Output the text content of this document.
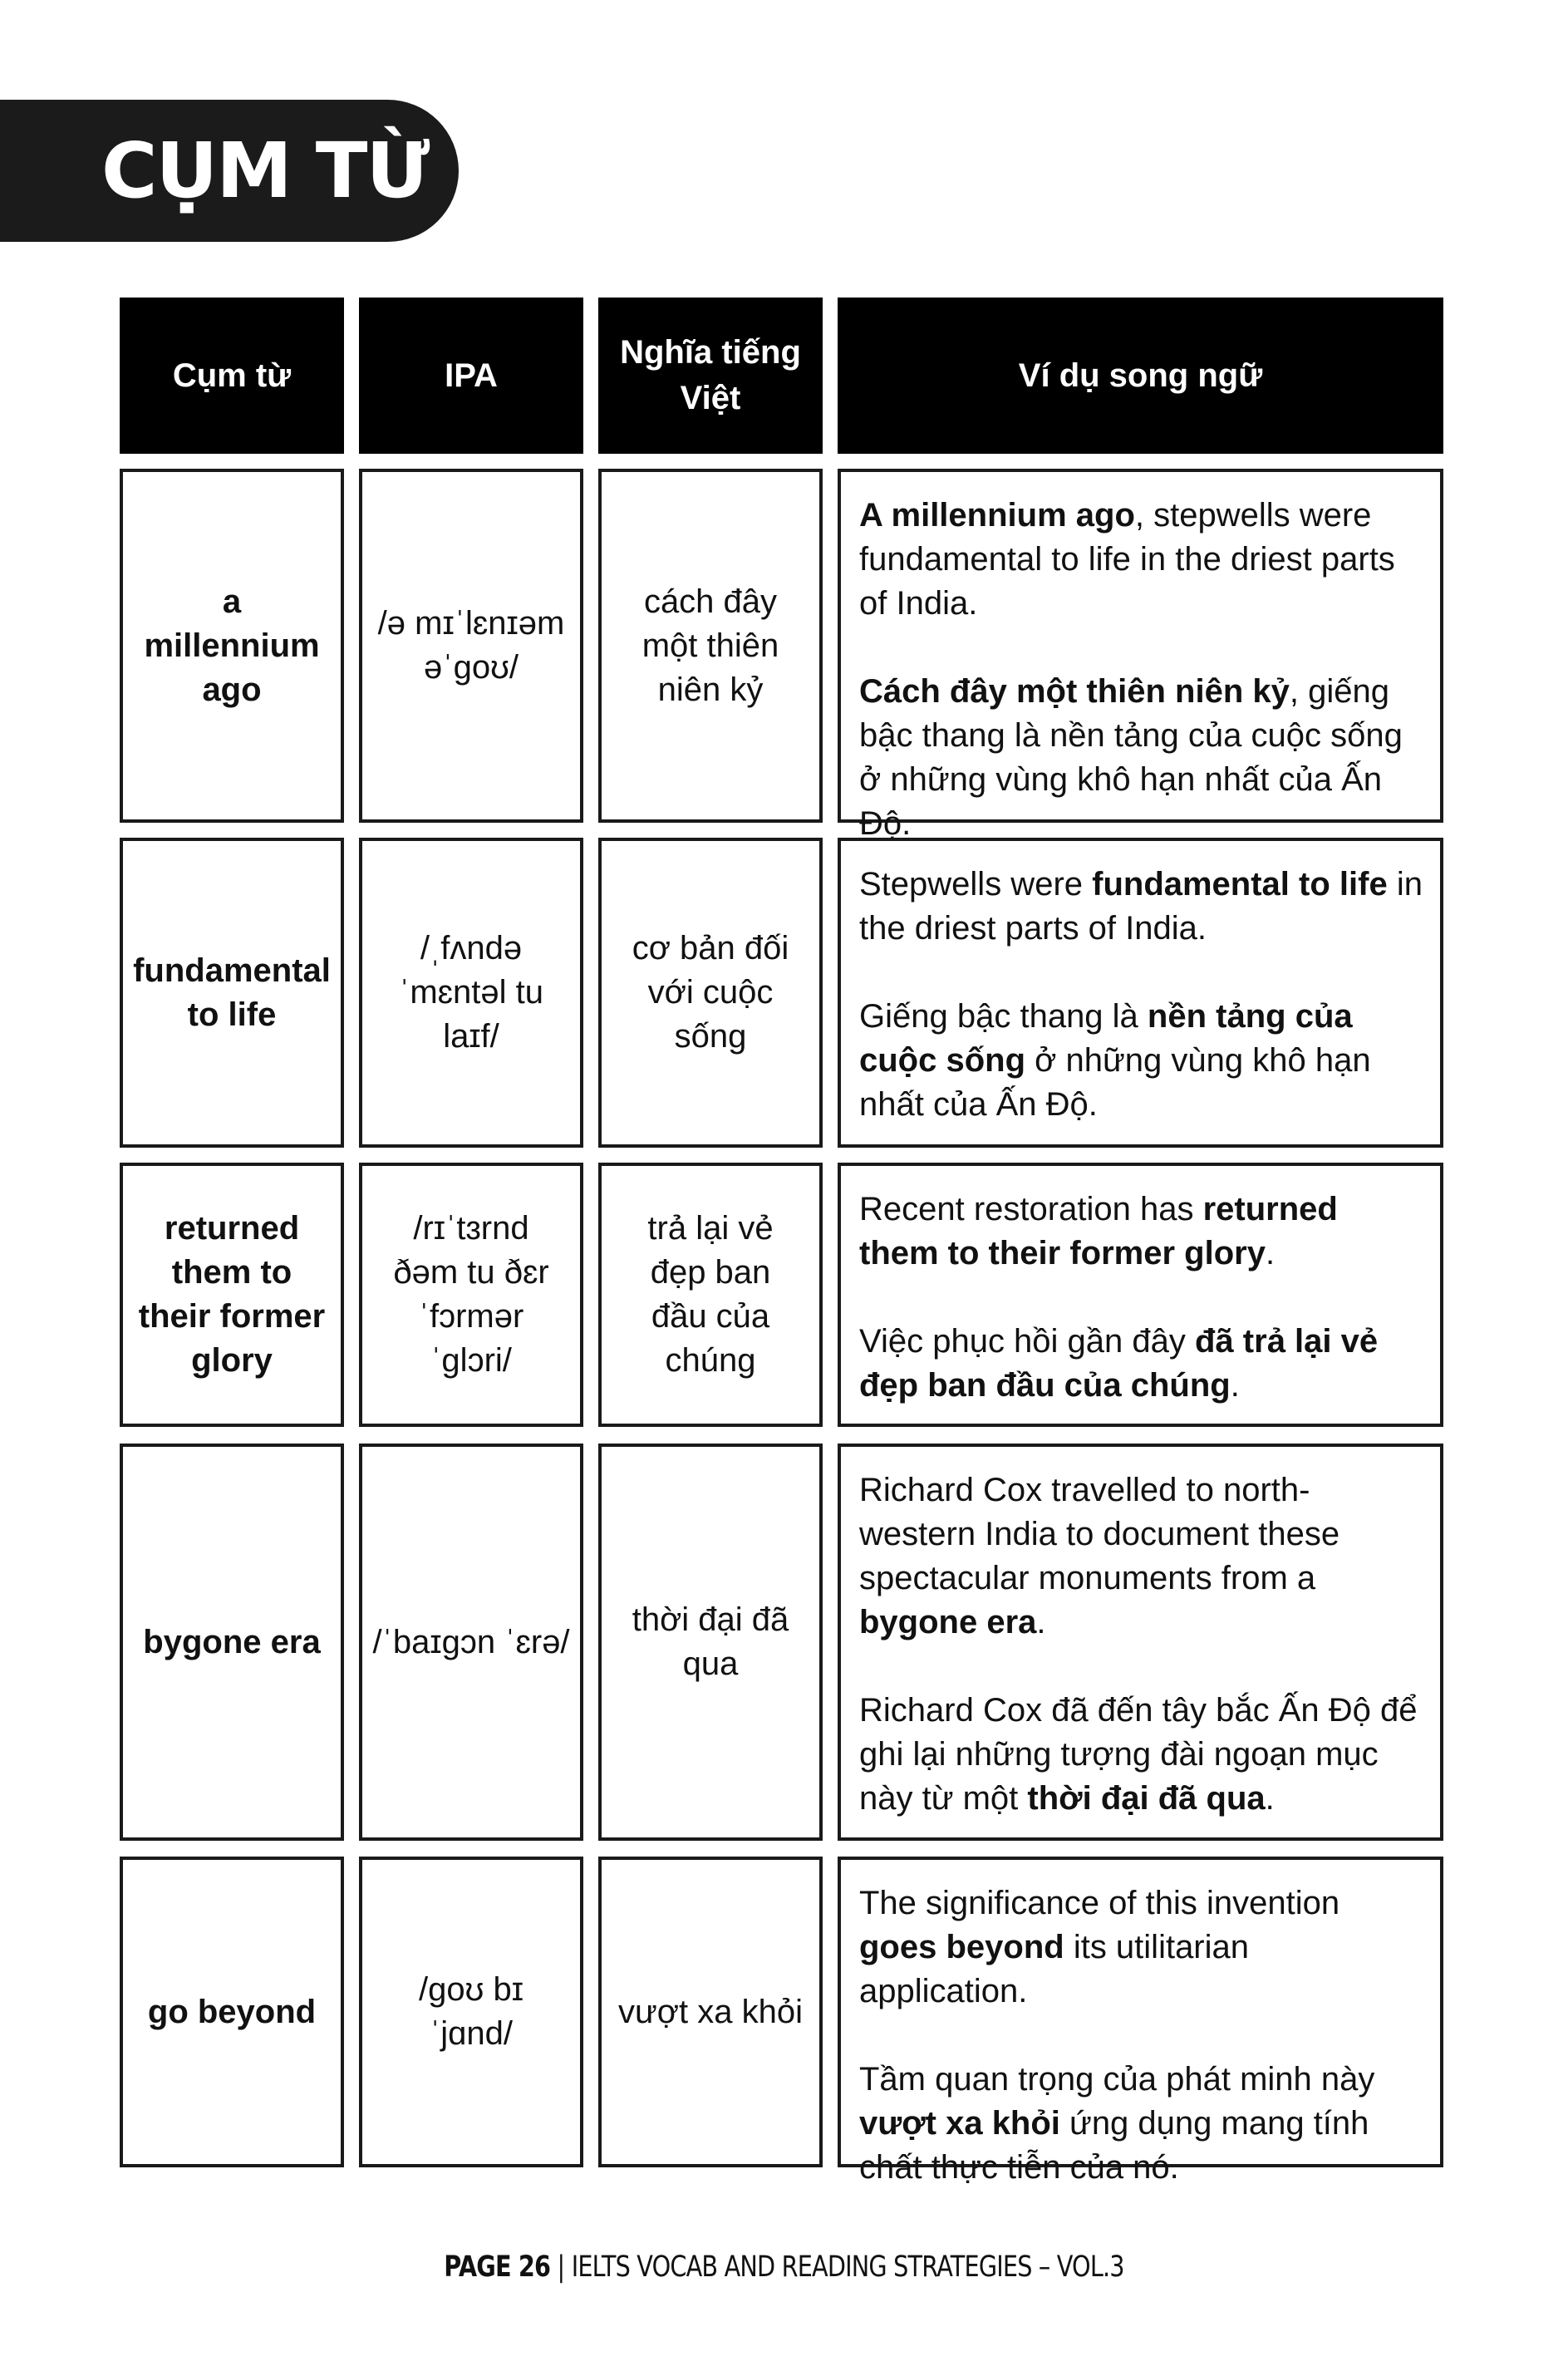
CỤM TỪ
Cụm từ	IPA
Nghĩa tiếng Việt
Ví dụ song ngữ
a millennium ago
/ə mɪˈlɛnɪəm əˈɡoʊ/
cách đây một thiên niên kỷ

A millennium ago, stepwells were fundamental to life in the driest parts of India.

Cách đây một thiên niên kỷ, giếng bậc thang là nền tảng của cuộc sống ở những vùng khô hạn nhất của Ấn Độ.

fundamental to life
/ˌfʌndə ˈmɛntəl tu laɪf/
cơ bản đối với cuộc sống

Stepwells were fundamental to life in the driest parts of India.

Giếng bậc thang là nền tảng của cuộc sống ở những vùng khô hạn nhất của Ấn Độ.

returned them to their former glory
/rɪˈtɜrnd ðəm tu ðɛr ˈfɔrmər ˈɡlɔri/
trả lại vẻ đẹp ban đầu của chúng

Recent restoration has returned them to their former glory.

Việc phục hồi gần đây đã trả lại vẻ đẹp ban đầu của chúng.

bygone era	/ˈbaɪɡɔn ˈɛrə/
thời đại đã qua

Richard Cox travelled to north-western India to document these spectacular monuments from a bygone era.

Richard Cox đã đến tây bắc Ấn Độ để ghi lại những tượng đài ngoạn mục này từ một thời đại đã qua.

go beyond
/goʊ bɪ ˈjɑnd/
vượt xa khỏi

The significance of this invention goes beyond its utilitarian application.

Tầm quan trọng của phát minh này vượt xa khỏi ứng dụng mang tính chất thực tiễn của nó.

PAGE 26 | IELTS VOCAB AND READING STRATEGIES – VOL.3
